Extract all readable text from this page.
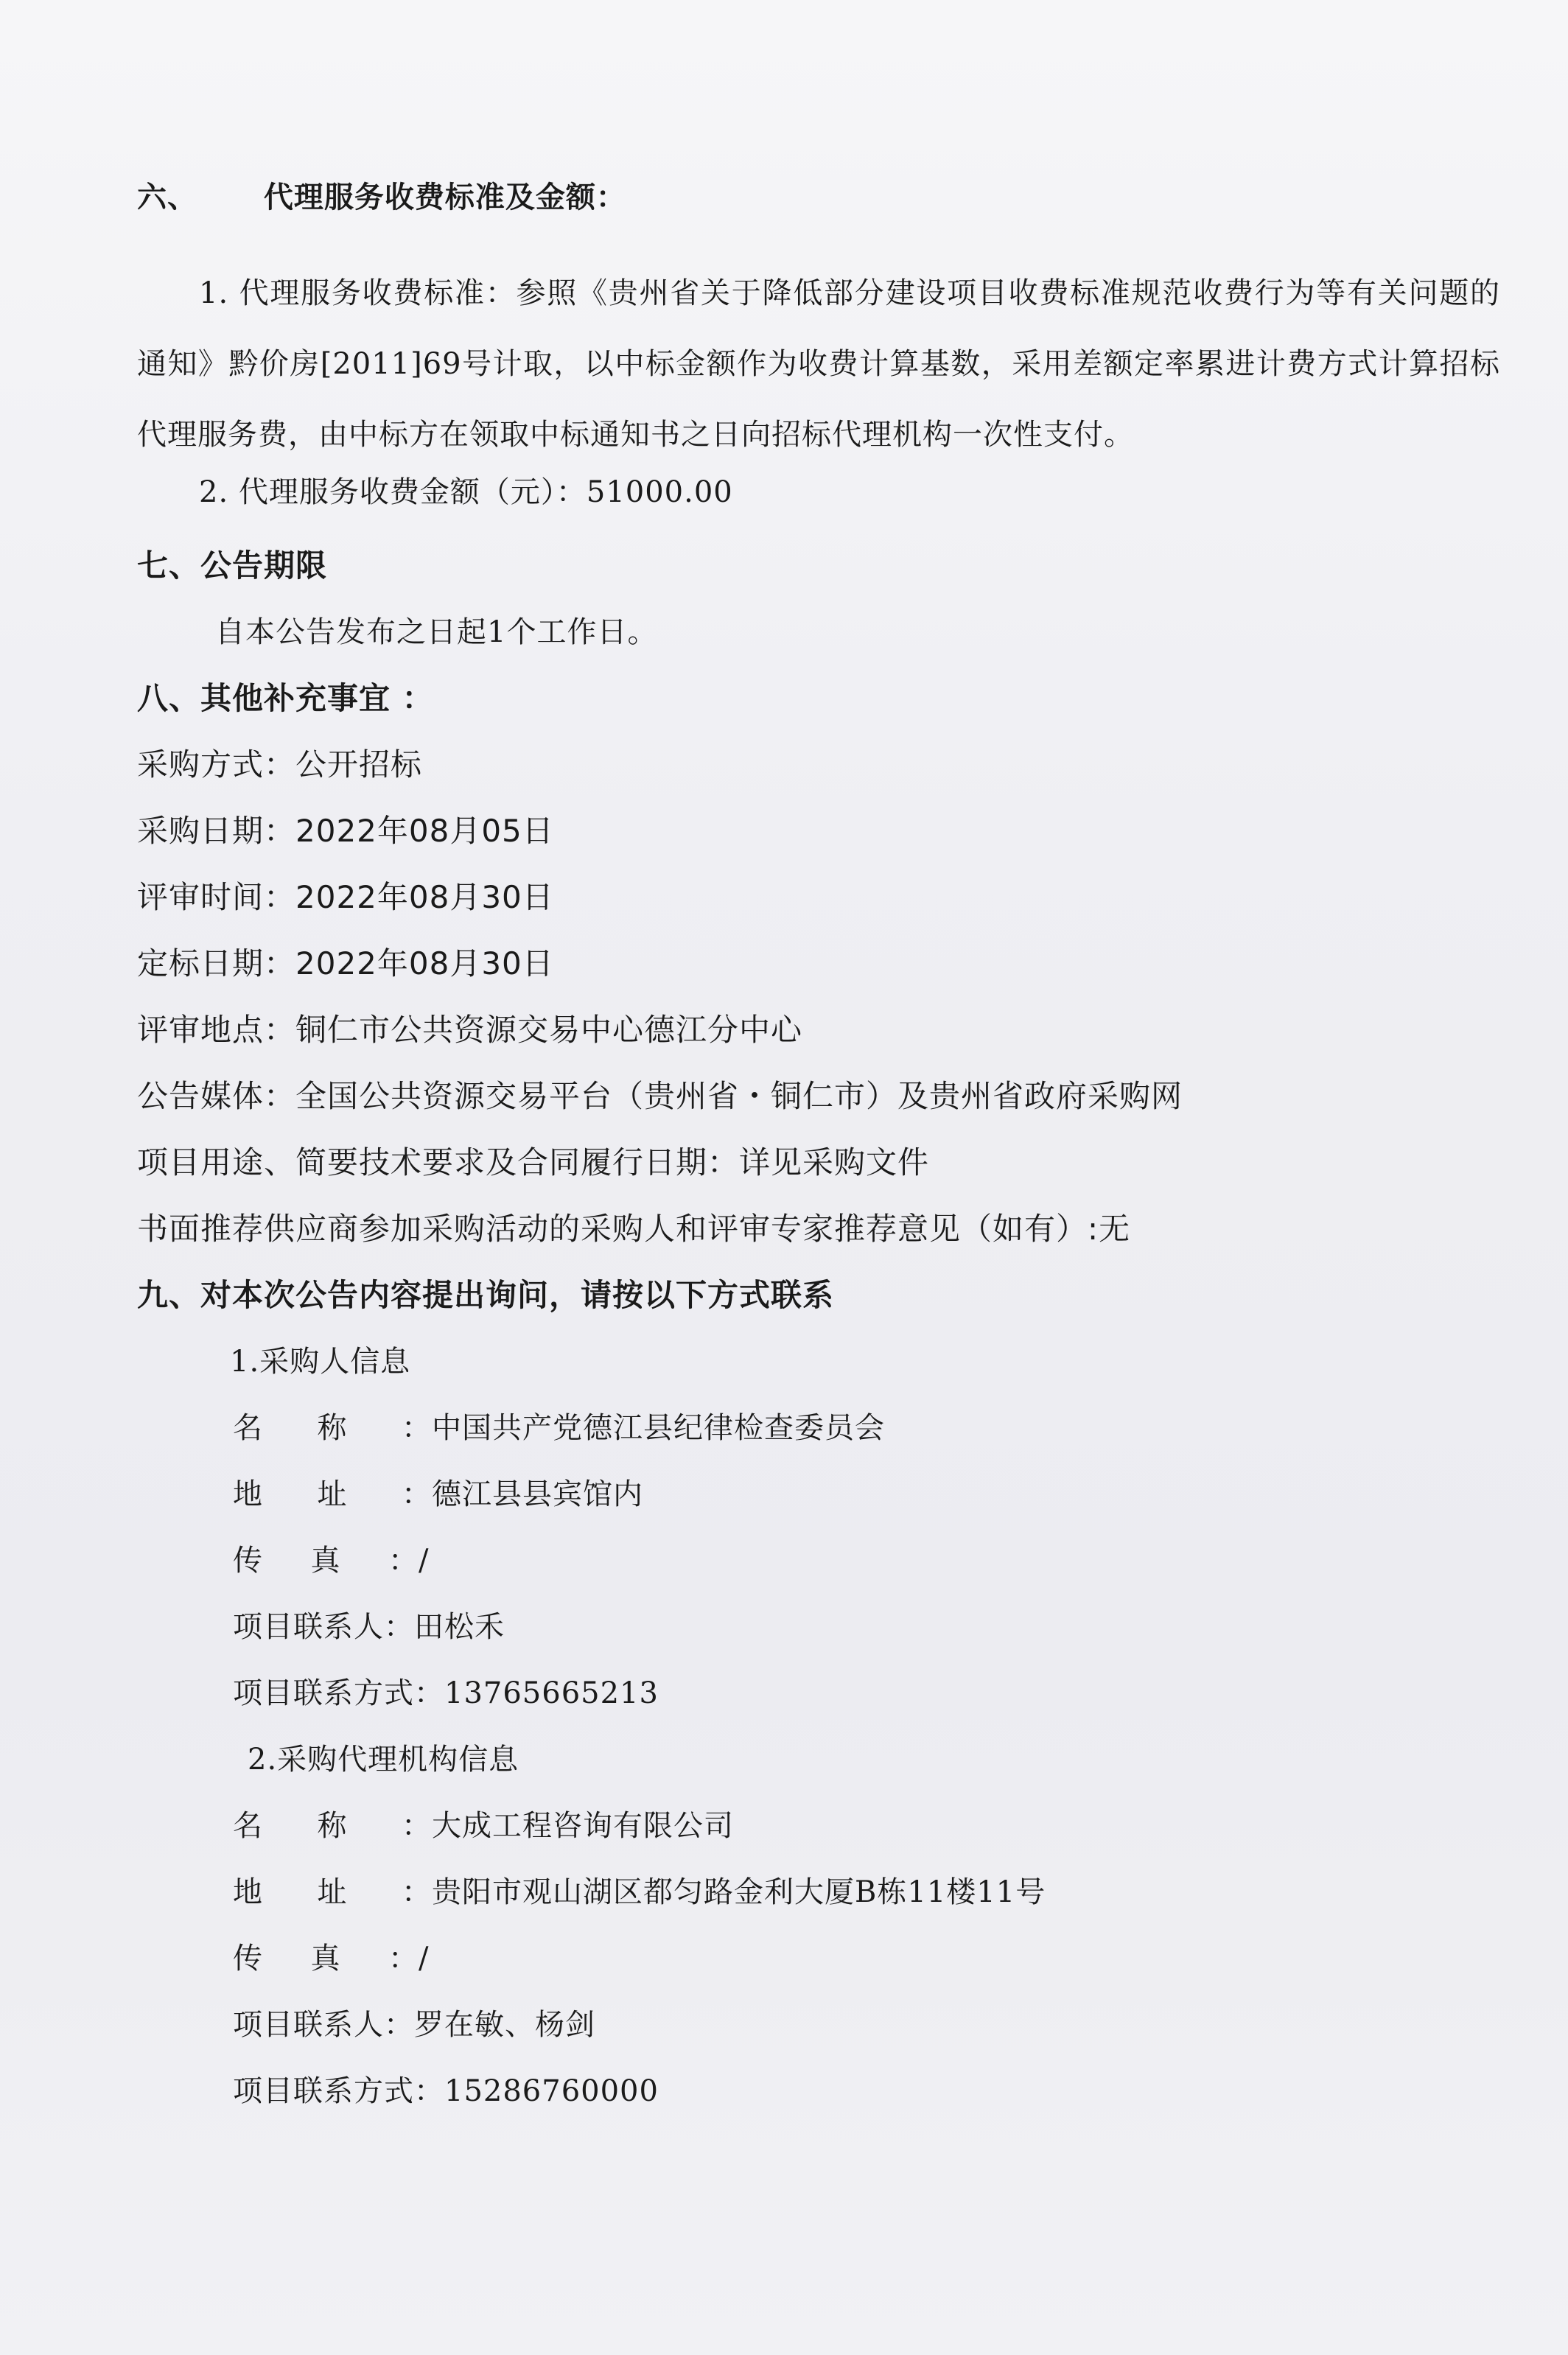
六、 代理服务收费标准及金额：
1. 代理服务收费标准：参照《贵州省关于降低部分建设项目收费标准规范收费行为等有关问题的通知》黔价房[2011]69号计取，以中标金额作为收费计算基数，采用差额定率累进计费方式计算招标代理服务费，由中标方在领取中标通知书之日向招标代理机构一次性支付。
2. 代理服务收费金额（元）：51000.00
七、公告期限
自本公告发布之日起1个工作日。
八、其他补充事宜 ：
采购方式：公开招标
采购日期：2022年08月05日
评审时间：2022年08月30日
定标日期：2022年08月30日
评审地点：铜仁市公共资源交易中心德江分中心
公告媒体：全国公共资源交易平台（贵州省・铜仁市）及贵州省政府采购网
项目用途、简要技术要求及合同履行日期：详见采购文件
书面推荐供应商参加采购活动的采购人和评审专家推荐意见（如有）:无
九、对本次公告内容提出询问，请按以下方式联系
1.采购人信息
名称：中国共产党德江县纪律检查委员会
地址：德江县县宾馆内
传真：/
项目联系人：田松禾
项目联系方式：13765665213
2.采购代理机构信息
名称：大成工程咨询有限公司
地址：贵阳市观山湖区都匀路金利大厦B栋11楼11号
传真：/
项目联系人：罗在敏、杨剑
项目联系方式：15286760000
